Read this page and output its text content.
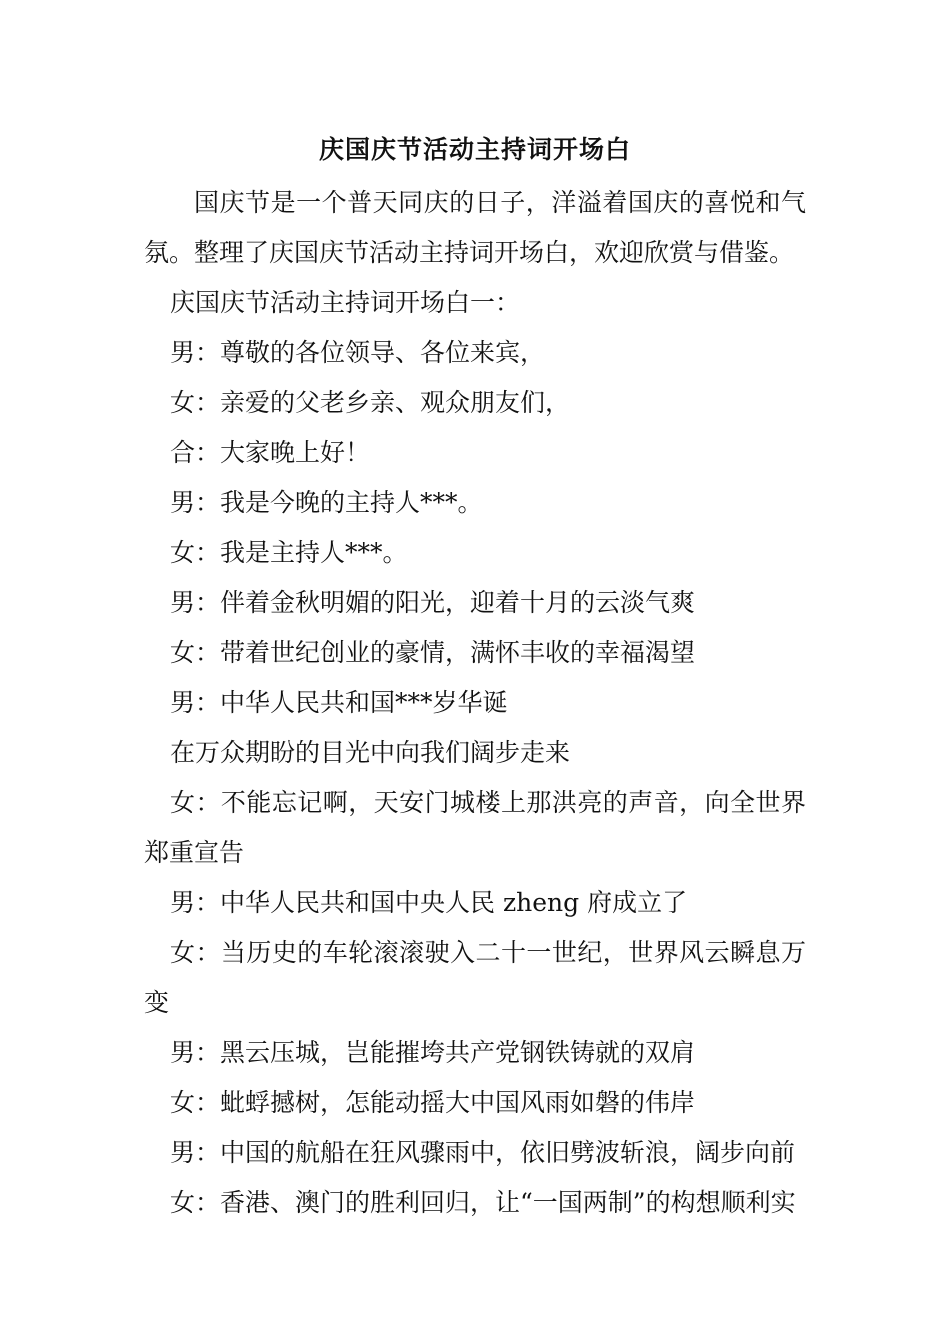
庆国庆节活动主持词开场白

国庆节是一个普天同庆的日子，洋溢着国庆的喜悦和气氛。整理了庆国庆节活动主持词开场白，欢迎欣赏与借鉴。

庆国庆节活动主持词开场白一：

男：尊敬的各位领导、各位来宾，

女：亲爱的父老乡亲、观众朋友们，

合：大家晚上好！

男：我是今晚的主持人***。

女：我是主持人***。

男：伴着金秋明媚的阳光，迎着十月的云淡气爽

女：带着世纪创业的豪情，满怀丰收的幸福渴望

男：中华人民共和国***岁华诞

在万众期盼的目光中向我们阔步走来

女：不能忘记啊，天安门城楼上那洪亮的声音，向全世界郑重宣告

男：中华人民共和国中央人民 zheng 府成立了

女：当历史的车轮滚滚驶入二十一世纪，世界风云瞬息万变

男：黑云压城，岂能摧垮共产党钢铁铸就的双肩

女：蚍蜉撼树，怎能动摇大中国风雨如磐的伟岸

男：中国的航船在狂风骤雨中，依旧劈波斩浪，阔步向前

女：香港、澳门的胜利回归，让“一国两制”的构想顺利实
